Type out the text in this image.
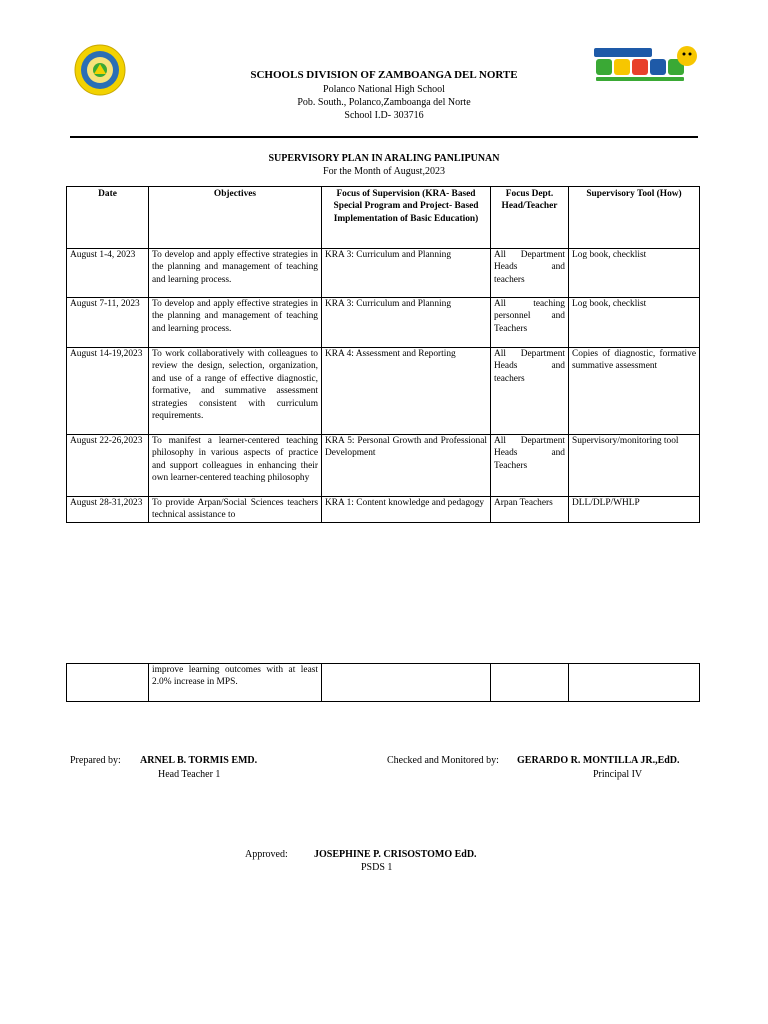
SCHOOLS DIVISION OF ZAMBOANGA DEL NORTE
Polanco National High School
Pob. South., Polanco,Zamboanga del Norte
School I.D- 303716
SUPERVISORY PLAN IN ARALING PANLIPUNAN
For the Month of August,2023
Date	Objectives	Focus of Supervision (KRA- Based Special Program and Project- Based Implementation of Basic Education)	Focus Dept. Head/Teacher	Supervisory Tool (How)
August 1-4, 2023	To develop and apply effective strategies in the planning and management of teaching and learning process.	KRA 3: Curriculum and Planning	All Department Heads and teachers	Log book, checklist
August 7-11, 2023	To develop and apply effective strategies in the planning and management of teaching and learning process.	KRA 3: Curriculum and Planning	All teaching personnel and Teachers	Log book, checklist
August 14-19,2023	To work collaboratively with colleagues to review the design, selection, organization, and use of a range of effective diagnostic, formative, and summative assessment strategies consistent with curriculum requirements.	KRA 4: Assessment and Reporting	All Department Heads and teachers	Copies of diagnostic, formative summative assessment
August 22-26,2023	To manifest a learner-centered teaching philosophy in various aspects of practice and support colleagues in enhancing their own learner-centered teaching philosophy	KRA 5: Personal Growth and Professional Development	All Department Heads and Teachers	Supervisory/monitoring tool
August 28-31,2023	To provide Arpan/Social Sciences teachers technical assistance to	KRA 1: Content knowledge and pedagogy	Arpan Teachers	DLL/DLP/WHLP
	improve learning outcomes with at least 2.0% increase in MPS.			
Prepared by: ARNEL B. TORMIS EMD.
Head Teacher 1
Checked and Monitored by: GERARDO R. MONTILLA JR.,EdD.
Principal IV
Approved:	JOSEPHINE P. CRISOSTOMO EdD.
PSDS 1
